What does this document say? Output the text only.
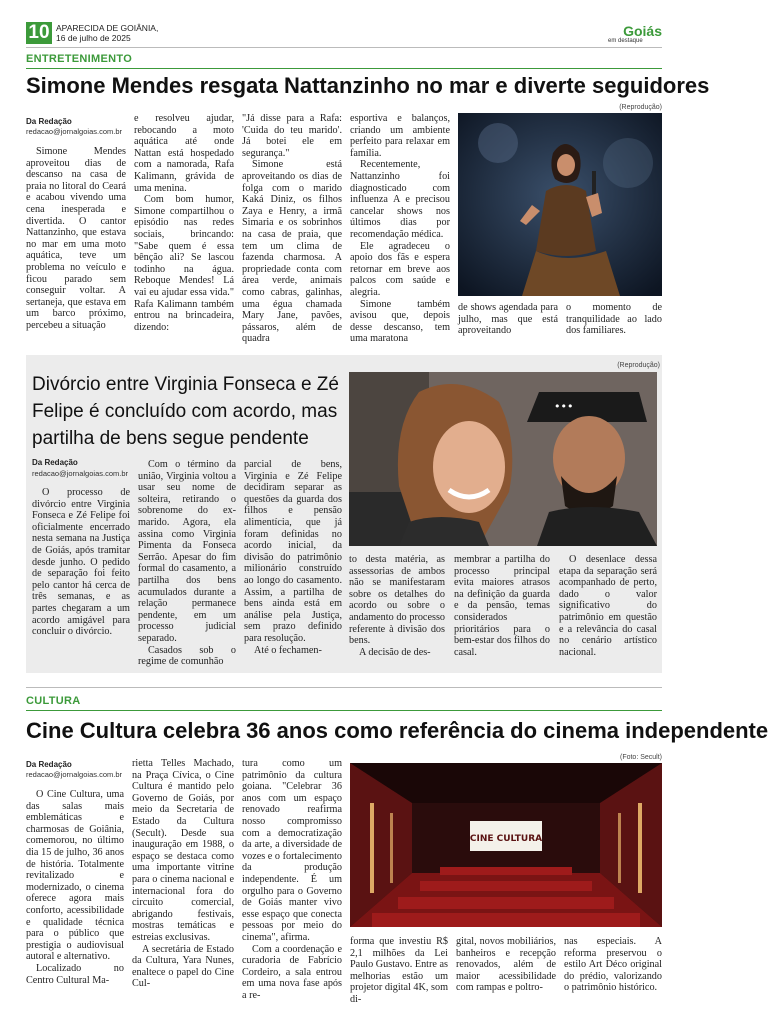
10 APARECIDA DE GOIÂNIA,
16 de julho de 2025	Goiás
em destaque
ENTRETENIMENTO
Simone Mendes resgata Nattanzinho no mar e diverte seguidores
(Reprodução)
Da Redação
redacao@jornalgoias.com.br

Simone Mendes aproveitou dias de descanso na casa de praia no litoral do Ceará e acabou vivendo uma cena inesperada e divertida. O cantor Nattanzinho, que estava no mar em uma moto aquática, teve um problema no veículo e ficou parado sem conseguir voltar. A sertaneja, que estava em um barco próximo, percebeu a situação

e resolveu ajudar, rebocando a moto aquática até onde Nattan está hospedado com a namorada, Rafa Kalimann, grávida de uma menina.

Com bom humor, Simone compartilhou o episódio nas redes sociais, brincando: "Sabe quem é essa bênção ali? Se lascou todinho na água. Reboque Mendes! Lá vai eu ajudar essa vida." Rafa Kalimann também entrou na brincadeira, dizendo:

"Já disse para a Rafa: 'Cuida do teu marido'. Já botei ele em segurança."

Simone está aproveitando os dias de folga com o marido Kaká Diniz, os filhos Zaya e Henry, a irmã Simaria e os sobrinhos na casa de praia, que tem um clima de fazenda charmosa. A propriedade conta com área verde, animais como cabras, galinhas, uma égua chamada Mary Jane, pavões, pássaros, além de quadra

esportiva e balanços, criando um ambiente perfeito para relaxar em família.

Recentemente, Nattanzinho foi diagnosticado com influenza A e precisou cancelar shows nos últimos dias por recomendação médica.

Ele agradeceu o apoio dos fãs e espera retornar em breve aos palcos com saúde e alegria.

Simone também avisou que, depois desse descanso, tem uma maratona

de shows agendada para julho, mas que está aproveitando

o momento de tranquilidade ao lado dos familiares.

(Reprodução)
Divórcio entre Virginia Fonseca e Zé Felipe é concluído com acordo, mas partilha de bens segue pendente
•••
Da Redação
redacao@jornalgoias.com.br

O processo de divórcio entre Virginia Fonseca e Zé Felipe foi oficialmente encerrado nesta semana na Justiça de Goiás, após tramitar desde junho. O pedido de separação foi feito pelo cantor há cerca de três semanas, e as partes chegaram a um acordo amigável para concluir o divórcio.

Com o término da união, Virginia voltou a usar seu nome de solteira, retirando o sobrenome do ex-marido. Agora, ela assina como Virginia Pimenta da Fonseca Serrão. Apesar do fim formal do casamento, a partilha dos bens acumulados durante a relação permanece pendente, em um processo judicial separado.

Casados sob o regime de comunhão

parcial de bens, Virginia e Zé Felipe decidiram separar as questões da guarda dos filhos e pensão alimentícia, que já foram definidas no acordo inicial, da divisão do patrimônio milionário construído ao longo do casamento. Assim, a partilha de bens ainda está em análise pela Justiça, sem prazo definido para resolução.

Até o fechamen-

to desta matéria, as assessorias de ambos não se manifestaram sobre os detalhes do acordo ou sobre o andamento do processo referente à divisão dos bens.

A decisão de des-

membrar a partilha do processo principal evita maiores atrasos na definição da guarda e da pensão, temas considerados prioritários para o bem-estar dos filhos do casal.

O desenlace dessa etapa da separação será acompanhado de perto, dado o valor significativo do patrimônio em questão e a relevância do casal no cenário artístico nacional.

CULTURA
Cine Cultura celebra 36 anos como referência do cinema independente
(Foto: Secult)
Da Redação
redacao@jornalgoias.com.br

O Cine Cultura, uma das salas mais emblemáticas e charmosas de Goiânia, comemorou, no último dia 15 de julho, 36 anos de história. Totalmente revitalizado e modernizado, o cinema oferece agora mais conforto, acessibilidade e qualidade técnica para o público que prestigia o audiovisual autoral e alternativo.

Localizado no Centro Cultural Ma-

rietta Telles Machado, na Praça Cívica, o Cine Cultura é mantido pelo Governo de Goiás, por meio da Secretaria de Estado da Cultura (Secult). Desde sua inauguração em 1988, o espaço se destaca como uma importante vitrine para o cinema nacional e internacional fora do circuito comercial, abrigando festivais, mostras temáticas e estreias exclusivas.

A secretária de Estado da Cultura, Yara Nunes, enaltece o papel do Cine Cul-

tura como um patrimônio da cultura goiana. "Celebrar 36 anos com um espaço renovado reafirma nosso compromisso com a democratização da arte, a diversidade de vozes e o fortalecimento da produção independente. É um orgulho para o Governo de Goiás manter vivo esse espaço que conecta pessoas por meio do cinema", afirma.

Com a coordenação e curadoria de Fabrício Cordeiro, a sala entrou em uma nova fase após a re-

CINE CULTURA

forma que investiu R$ 2,1 milhões da Lei Paulo Gustavo. Entre as melhorias estão um projetor digital 4K, som di-

gital, novos mobiliários, banheiros e recepção renovados, além de maior acessibilidade com rampas e poltro-

nas especiais. A reforma preservou o estilo Art Déco original do prédio, valorizando o patrimônio histórico.
